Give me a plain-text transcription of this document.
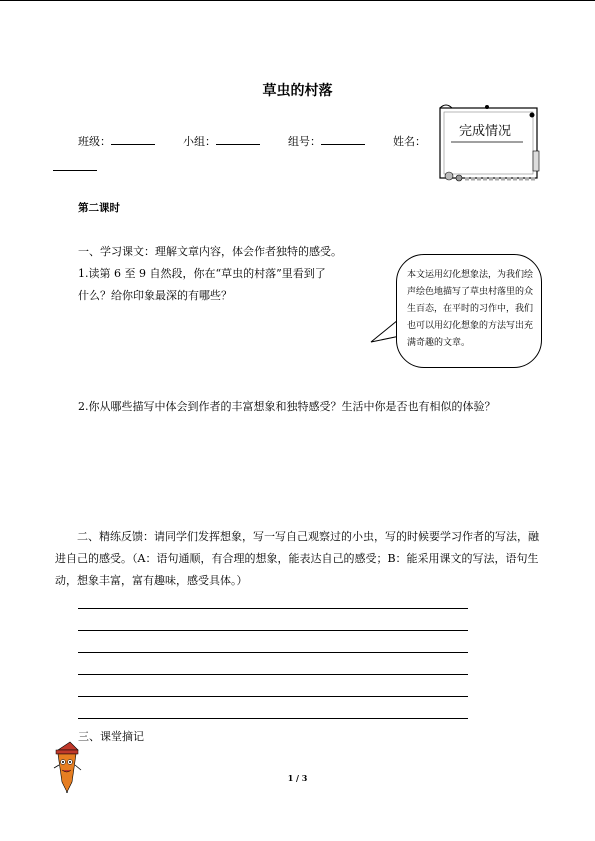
草虫的村落
班级：	小组：	组号：	姓名：
完成情况
第二课时
一、学习课文：理解文章内容，体会作者独特的感受。
1.读第 6 至 9 自然段，你在“草虫的村落”里看到了
什么？给你印象最深的有哪些？
本文运用幻化想象法，为我们绘声绘色地描写了草虫村落里的众生百态，在平时的习作中，我们也可以用幻化想象的方法写出充满奇趣的文章。
2.你从哪些描写中体会到作者的丰富想象和独特感受？生活中你是否也有相似的体验？
二、精练反馈：请同学们发挥想象，写一写自己观察过的小虫，写的时候要学习作者的写法，融进自己的感受。（A：语句通顺，有合理的想象，能表达自己的感受；B：能采用课文的写法，语句生动，想象丰富，富有趣味，感受具体。）
三、课堂摘记
1 / 3
